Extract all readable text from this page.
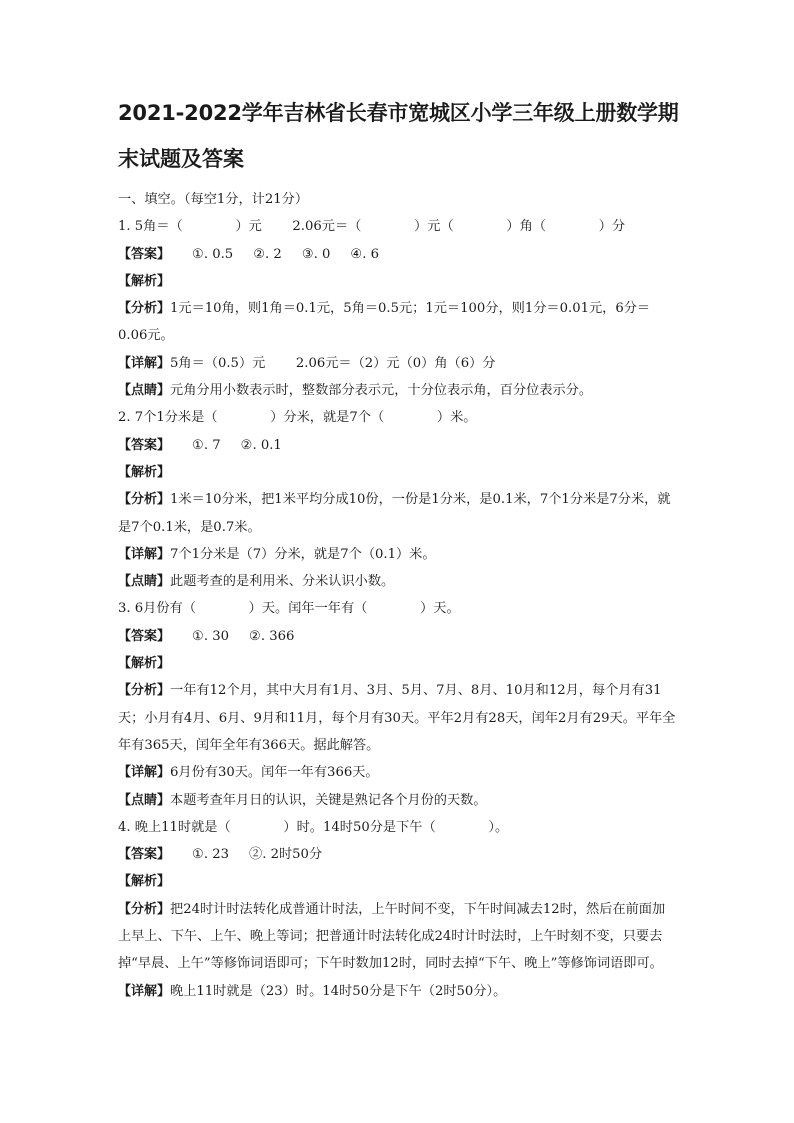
2021-2022学年吉林省长春市宽城区小学三年级上册数学期
末试题及答案

一、填空。（每空1分，计21分）

1. 5角＝（　　　　）元　　 2.06元＝（　　　　）元（　　　　）角（　　　　）分

【答案】 ①. 0.5 ②. 2 ③. 0 ④. 6

【解析】

【分析】1元＝10角，则1角＝0.1元，5角＝0.5元；1元＝100分，则1分＝0.01元，6分＝0.06元。

【详解】5角＝（0.5）元　　 2.06元＝（2）元（0）角（6）分

【点睛】元角分用小数表示时，整数部分表示元，十分位表示角，百分位表示分。

2. 7个1分米是（　　　　）分米，就是7个（　　　　）米。

【答案】 ①. 7 ②. 0.1

【解析】

【分析】1米＝10分米，把1米平均分成10份，一份是1分米，是0.1米，7个1分米是7分米，就是7个0.1米，是0.7米。

【详解】7个1分米是（7）分米，就是7个（0.1）米。

【点睛】此题考查的是利用米、分米认识小数。

3. 6月份有（　　　　）天。闰年一年有（　　　　）天。

【答案】 ①. 30 ②. 366

【解析】

【分析】一年有12个月，其中大月有1月、3月、5月、7月、8月、10月和12月，每个月有31天；小月有4月、6月、9月和11月，每个月有30天。平年2月有28天，闰年2月有29天。平年全年有365天，闰年全年有366天。据此解答。

【详解】6月份有30天。闰年一年有366天。

【点睛】本题考查年月日的认识，关键是熟记各个月份的天数。

4. 晚上11时就是（　　　　）时。14时50分是下午（　　　　）。

【答案】 ①. 23 ②. 2时50分

【解析】

【分析】把24时计时法转化成普通计时法，上午时间不变，下午时间减去12时，然后在前面加上早上、下午、上午、晚上等词；把普通计时法转化成24时计时法时，上午时刻不变，只要去掉“早晨、上午”等修饰词语即可；下午时数加12时，同时去掉“下午、晚上”等修饰词语即可。

【详解】晚上11时就是（23）时。14时50分是下午（2时50分）。
